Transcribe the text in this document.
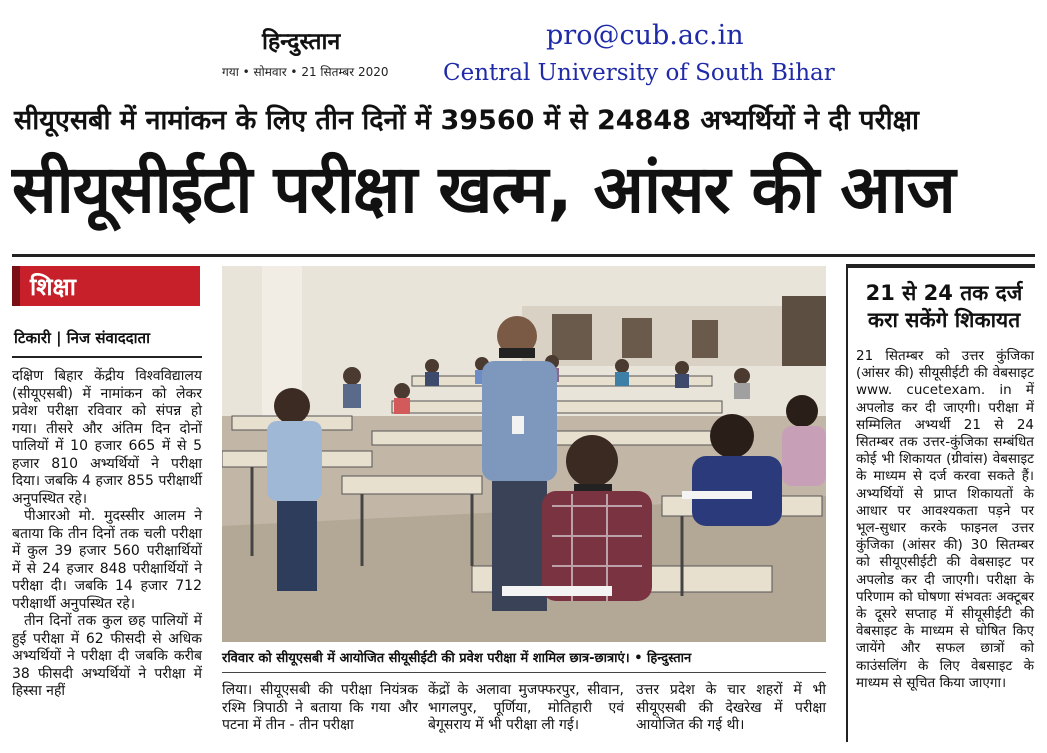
हिन्दुस्तान
गया • सोमवार • 21 सितम्बर 2020
pro@cub.ac.in
Central University of South Bihar
सीयूएसबी में नामांकन के लिए तीन दिनों में 39560 में से 24848 अभ्यर्थियों ने दी परीक्षा
सीयूसीईटी परीक्षा खत्म, आंसर की आज
शिक्षा
टिकारी | निज संवाददाता

दक्षिण बिहार केंद्रीय विश्वविद्यालय (सीयूएसबी) में नामांकन को लेकर प्रवेश परीक्षा रविवार को संपन्न हो गया। तीसरे और अंतिम दिन दोनों पालियों में 10 हजार 665 में से 5 हजार 810 अभ्यर्थियों ने परीक्षा दिया। जबकि 4 हजार 855 परीक्षार्थी अनुपस्थित रहे।

पीआरओ मो. मुदस्सीर आलम ने बताया कि तीन दिनों तक चली परीक्षा में कुल 39 हजार 560 परीक्षार्थियों में से 24 हजार 848 परीक्षार्थियों ने परीक्षा दी। जबकि 14 हजार 712 परीक्षार्थी अनुपस्थित रहे।

तीन दिनों तक कुल छह पालियों में हुई परीक्षा में 62 फीसदी से अधिक अभ्यर्थियों ने परीक्षा दी जबकि करीब 38 फीसदी अभ्यर्थियों ने परीक्षा में हिस्सा नहीं

रविवार को सीयूएसबी में आयोजित सीयूसीईटी की प्रवेश परीक्षा में शामिल छात्र-छात्राएं। • हिन्दुस्तान
लिया। सीयूएसबी की परीक्षा नियंत्रक रश्मि त्रिपाठी ने बताया कि गया और पटना में तीन - तीन परीक्षा
केंद्रों के अलावा मुजफ्फरपुर, सीवान, भागलपुर, पूर्णिया, मोतिहारी एवं बेगूसराय में भी परीक्षा ली गई।
उत्तर प्रदेश के चार शहरों में भी सीयूएसबी की देखरेख में परीक्षा आयोजित की गई थी।
21 से 24 तक दर्ज करा सकेंगे शिकायत
21 सितम्बर को उत्तर कुंजिका (आंसर की) सीयूसीईटी की वेबसाइट www. cucetexam. in में अपलोड कर दी जाएगी। परीक्षा में सम्मिलित अभ्यर्थी 21 से 24 सितम्बर तक उत्तर-कुंजिका सम्बंधित कोई भी शिकायत (ग्रीवांस) वेबसाइट के माध्यम से दर्ज करवा सकते हैं। अभ्यर्थियों से प्राप्त शिकायतों के आधार पर आवश्यकता पड़ने पर भूल-सुधार करके फाइनल उत्तर कुंजिका (आंसर की) 30 सितम्बर को सीयूएसीईटी की वेबसाइट पर अपलोड कर दी जाएगी। परीक्षा के परिणाम को घोषणा संभवतः अक्टूबर के दूसरे सप्ताह में सीयूसीईटी की वेबसाइट के माध्यम से घोषित किए जायेंगे और सफल छात्रों को काउंसलिंग के लिए वेबसाइट के माध्यम से सूचित किया जाएगा।
